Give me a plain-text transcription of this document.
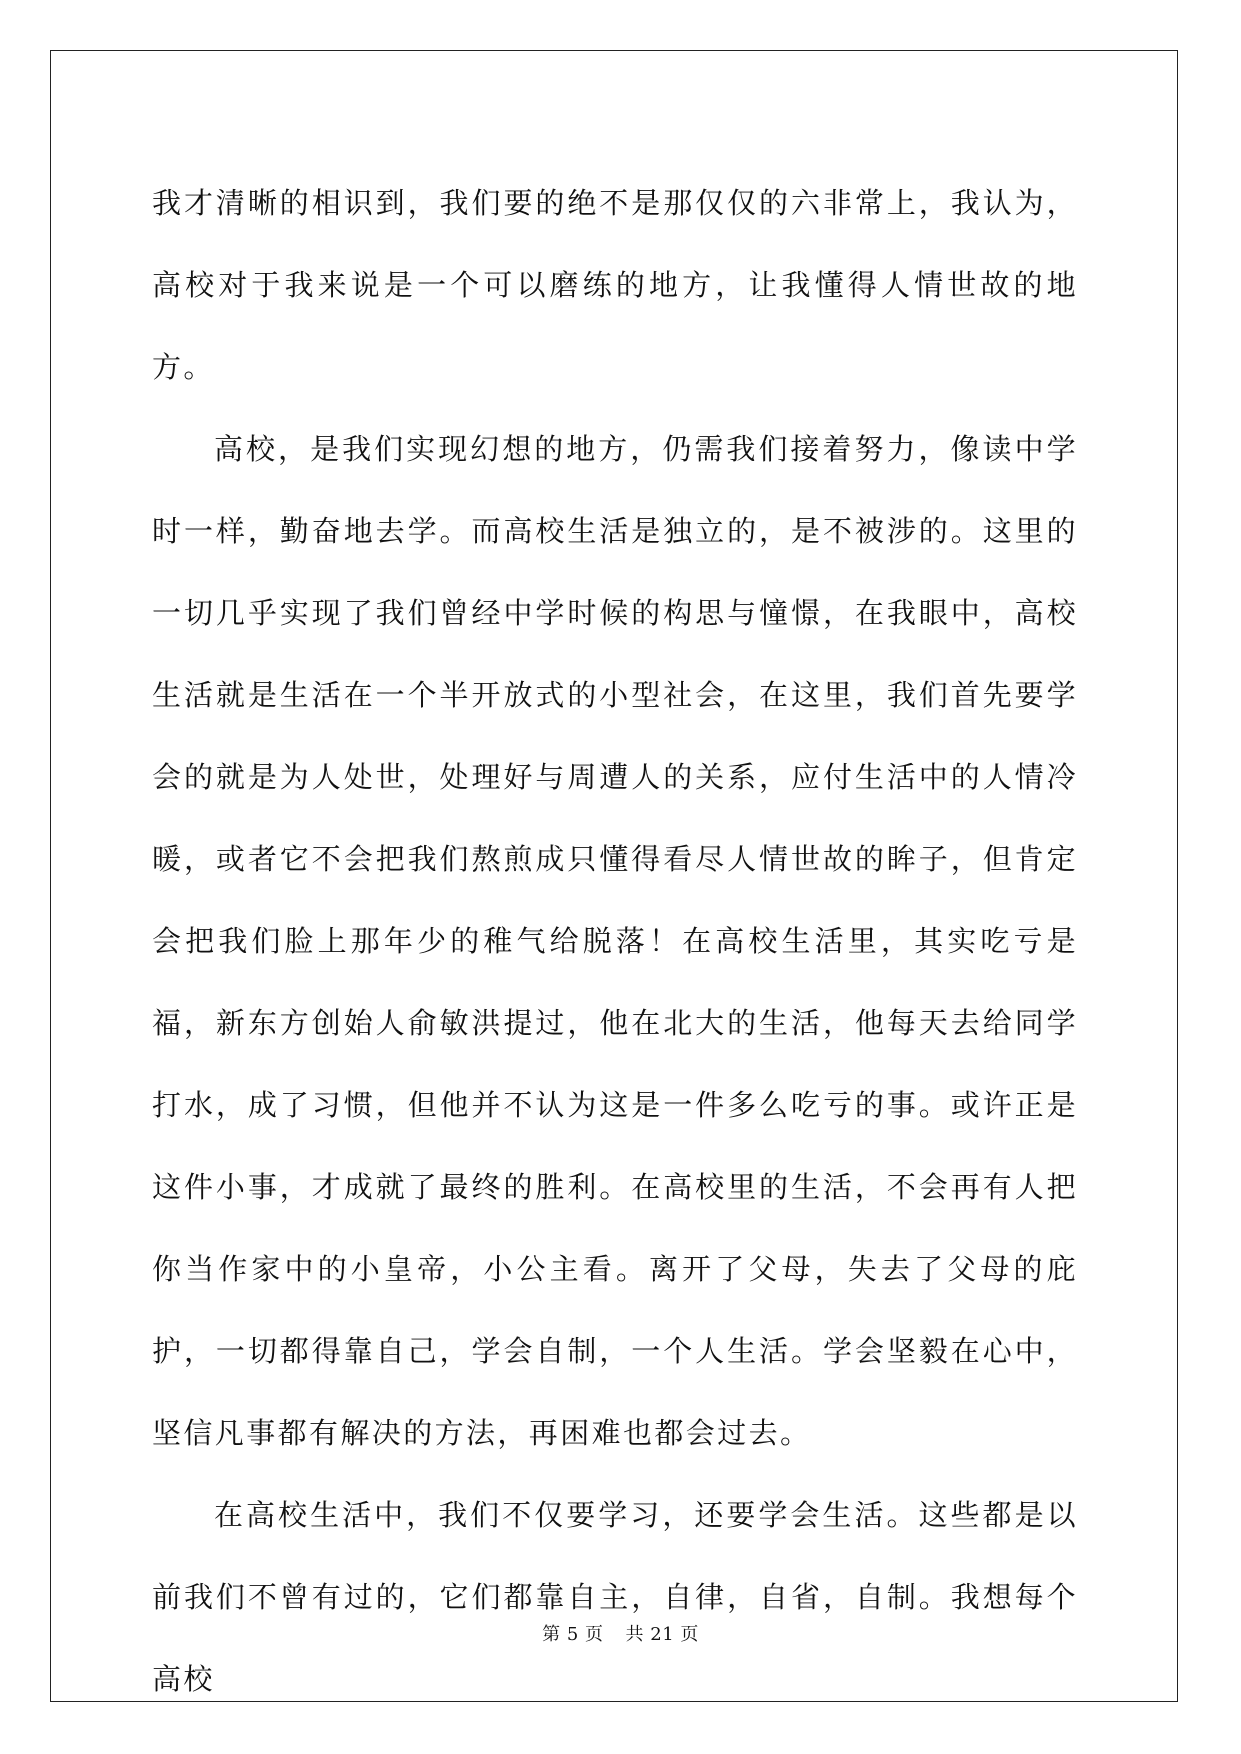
我才清晰的相识到，我们要的绝不是那仅仅的六非常上，我认为，高校对于我来说是一个可以磨练的地方，让我懂得人情世故的地方。

高校，是我们实现幻想的地方，仍需我们接着努力，像读中学时一样，勤奋地去学。而高校生活是独立的，是不被涉的。这里的一切几乎实现了我们曾经中学时候的构思与憧憬，在我眼中，高校生活就是生活在一个半开放式的小型社会，在这里，我们首先要学会的就是为人处世，处理好与周遭人的关系，应付生活中的人情冷暖，或者它不会把我们熬煎成只懂得看尽人情世故的眸子，但肯定会把我们脸上那年少的稚气给脱落！在高校生活里，其实吃亏是福，新东方创始人俞敏洪提过，他在北大的生活，他每天去给同学打水，成了习惯，但他并不认为这是一件多么吃亏的事。或许正是这件小事，才成就了最终的胜利。在高校里的生活，不会再有人把你当作家中的小皇帝，小公主看。离开了父母，失去了父母的庇护，一切都得靠自己，学会自制，一个人生活。学会坚毅在心中，坚信凡事都有解决的方法，再困难也都会过去。

在高校生活中，我们不仅要学习，还要学会生活。这些都是以前我们不曾有过的，它们都靠自主，自律，自省，自制。我想每个高校

第 5 页 共 21 页
